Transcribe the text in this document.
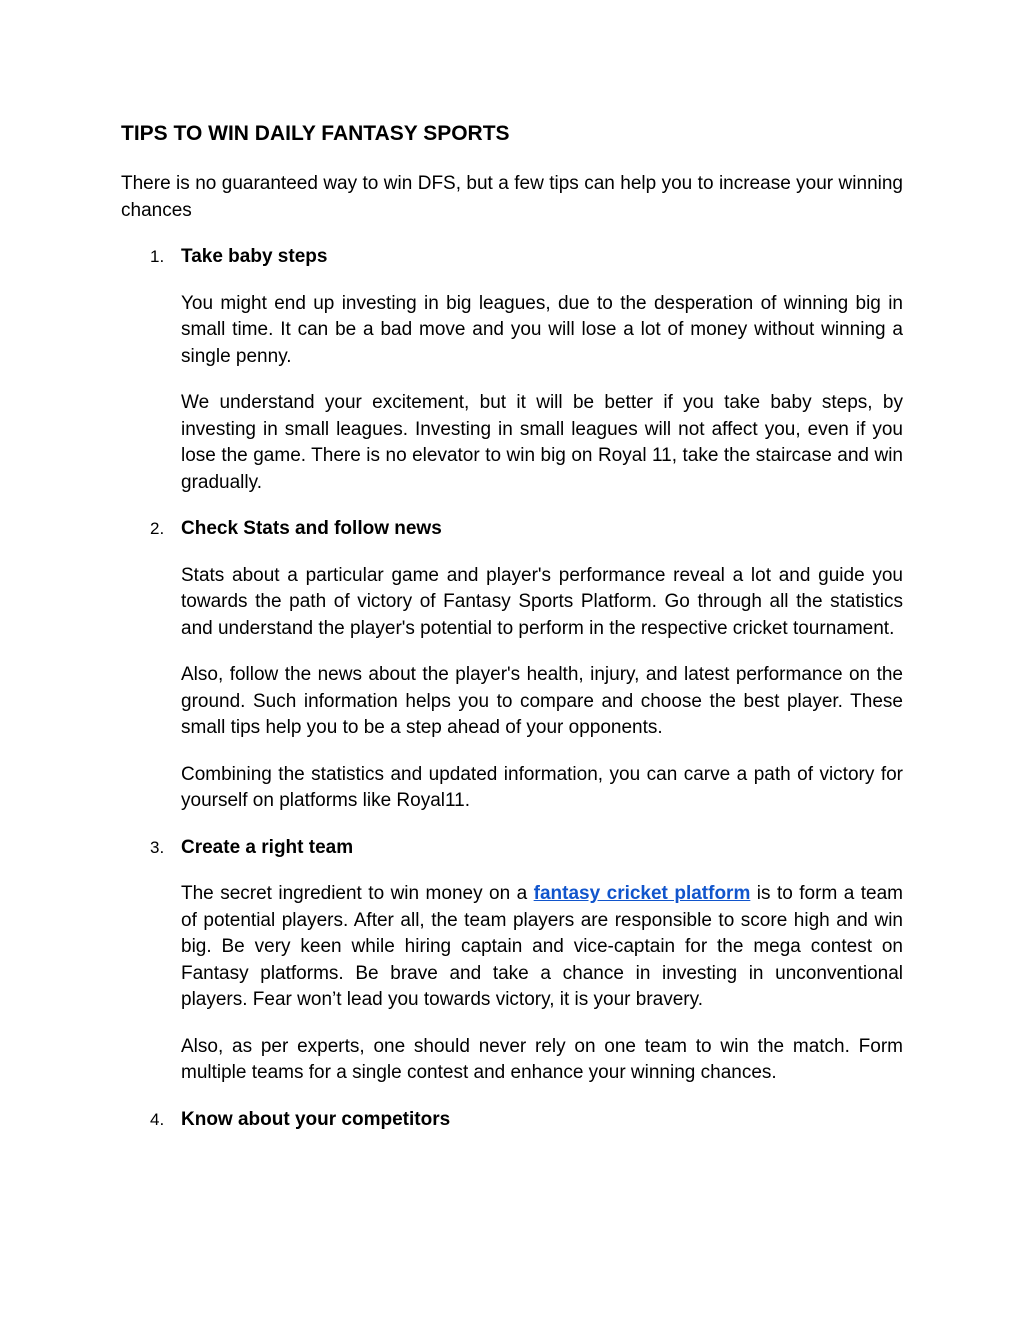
TIPS TO WIN DAILY FANTASY SPORTS

There is no guaranteed way to win DFS, but a few tips can help you to increase your winning chances

1. Take baby steps

You might end up investing in big leagues, due to the desperation of winning big in small time. It can be a bad move and you will lose a lot of money without winning a single penny.

We understand your excitement, but it will be better if you take baby steps, by investing in small leagues. Investing in small leagues will not affect you, even if you lose the game. There is no elevator to win big on Royal 11, take the staircase and win gradually.

2. Check Stats and follow news

Stats about a particular game and player's performance reveal a lot and guide you towards the path of victory of Fantasy Sports Platform. Go through all the statistics and understand the player's potential to perform in the respective cricket tournament.

Also, follow the news about the player's health, injury, and latest performance on the ground. Such information helps you to compare and choose the best player. These small tips help you to be a step ahead of your opponents.

Combining the statistics and updated information, you can carve a path of victory for yourself on platforms like Royal11.

3. Create a right team

The secret ingredient to win money on a fantasy cricket platform is to form a team of potential players. After all, the team players are responsible to score high and win big. Be very keen while hiring captain and vice-captain for the mega contest on Fantasy platforms. Be brave and take a chance in investing in unconventional players. Fear won’t lead you towards victory, it is your bravery.

Also, as per experts, one should never rely on one team to win the match. Form multiple teams for a single contest and enhance your winning chances.

4. Know about your competitors
